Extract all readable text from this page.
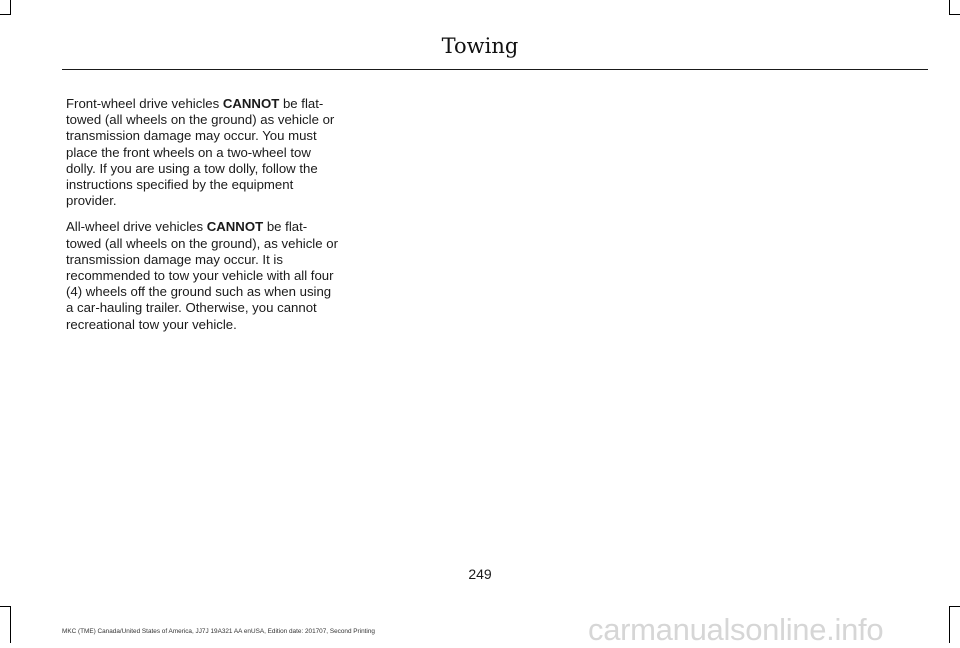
Towing

Front-wheel drive vehicles CANNOT be flat-towed (all wheels on the ground) as vehicle or transmission damage may occur. You must place the front wheels on a two-wheel tow dolly. If you are using a tow dolly, follow the instructions specified by the equipment provider.

All-wheel drive vehicles CANNOT be flat-towed (all wheels on the ground), as vehicle or transmission damage may occur. It is recommended to tow your vehicle with all four (4) wheels off the ground such as when using a car-hauling trailer. Otherwise, you cannot recreational tow your vehicle.

249
MKC (TME) Canada/United States of America, JJ7J 19A321 AA enUSA, Edition date: 201707, Second Printing	carmanualsonline.info
